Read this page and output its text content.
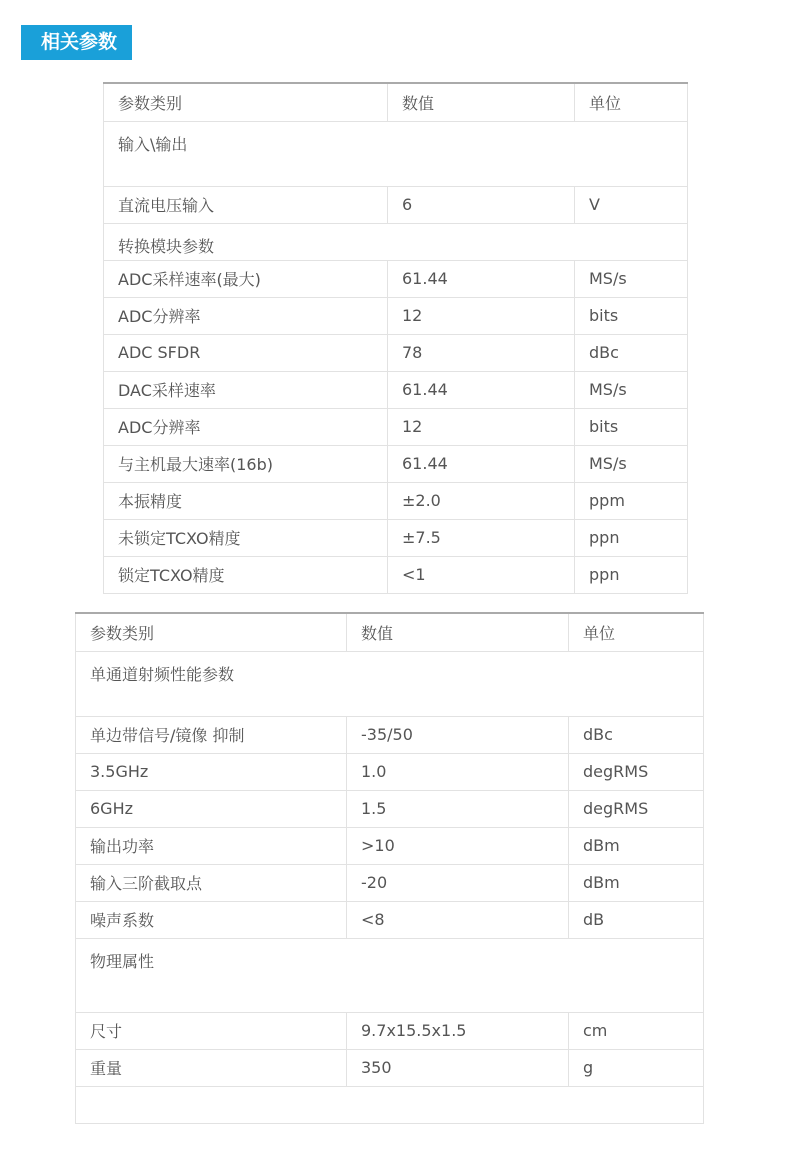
相关参数
参数类别	数值	单位
输入\输出		
直流电压输入	6	V
转换模块参数		
ADC采样速率(最大)	61.44	MS/s
ADC分辨率	12	bits
ADC SFDR	78	dBc
DAC采样速率	61.44	MS/s
ADC分辨率	12	bits
与主机最大速率(16b)	61.44	MS/s
本振精度	±2.0	ppm
未锁定TCXO精度	±7.5	ppn
锁定TCXO精度	<1	ppn
参数类别	数值	单位
单通道射频性能参数		
单边带信号/镜像 抑制	-35/50	dBc
3.5GHz	1.0	degRMS
6GHz	1.5	degRMS
输出功率	>10	dBm
输入三阶截取点	-20	dBm
噪声系数	<8	dB
物理属性		
尺寸	9.7x15.5x1.5	cm
重量	350	g
